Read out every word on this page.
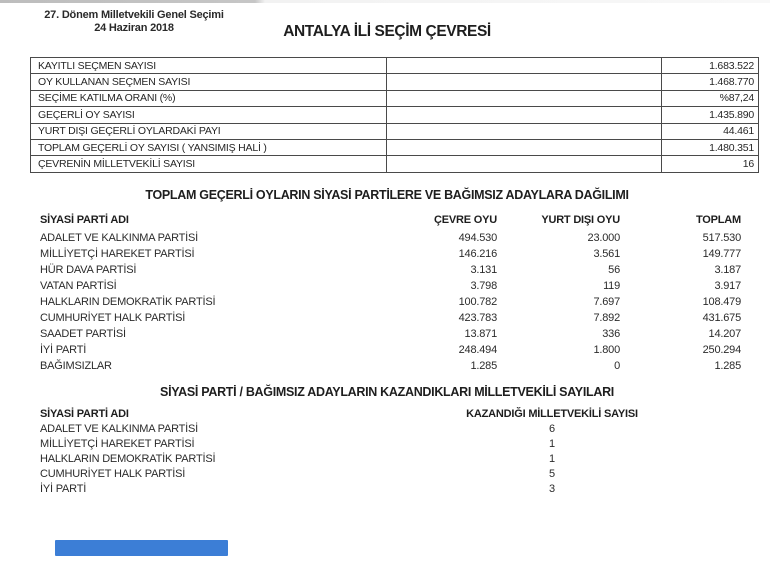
27. Dönem Milletvekili Genel Seçimi
24 Haziran 2018	ANTALYA İLİ SEÇİM ÇEVRESİ
KAYITLI SEÇMEN SAYISI		1.683.522
OY KULLANAN SEÇMEN SAYISI		1.468.770
SEÇİME KATILMA ORANI (%)		%87,24
GEÇERLİ OY SAYISI		1.435.890
YURT DIŞI GEÇERLİ OYLARDAKİ PAYI		44.461
TOPLAM GEÇERLİ OY SAYISI ( YANSIMIŞ HALİ )		1.480.351
ÇEVRENİN MİLLETVEKİLİ SAYISI		16
TOPLAM GEÇERLİ OYLARIN SİYASİ PARTİLERE VE BAĞIMSIZ ADAYLARA DAĞILIMI
SİYASİ PARTİ ADI	ÇEVRE OYU	YURT DIŞI OYU	TOPLAM
ADALET VE KALKINMA PARTİSİ	494.530	23.000	517.530
MİLLİYETÇİ HAREKET PARTİSİ	146.216	3.561	149.777
HÜR DAVA PARTİSİ	3.131	56	3.187
VATAN PARTİSİ	3.798	119	3.917
HALKLARIN DEMOKRATİK PARTİSİ	100.782	7.697	108.479
CUMHURİYET HALK PARTİSİ	423.783	7.892	431.675
SAADET PARTİSİ	13.871	336	14.207
İYİ PARTİ	248.494	1.800	250.294
BAĞIMSIZLAR	1.285	0	1.285
SİYASİ PARTİ / BAĞIMSIZ ADAYLARIN KAZANDIKLARI MİLLETVEKİLİ SAYILARI
SİYASİ PARTİ ADI	KAZANDIĞI MİLLETVEKİLİ SAYISI
ADALET VE KALKINMA PARTİSİ	6
MİLLİYETÇİ HAREKET PARTİSİ	1
HALKLARIN DEMOKRATİK PARTİSİ	1
CUMHURİYET HALK PARTİSİ	5
İYİ PARTİ	3
